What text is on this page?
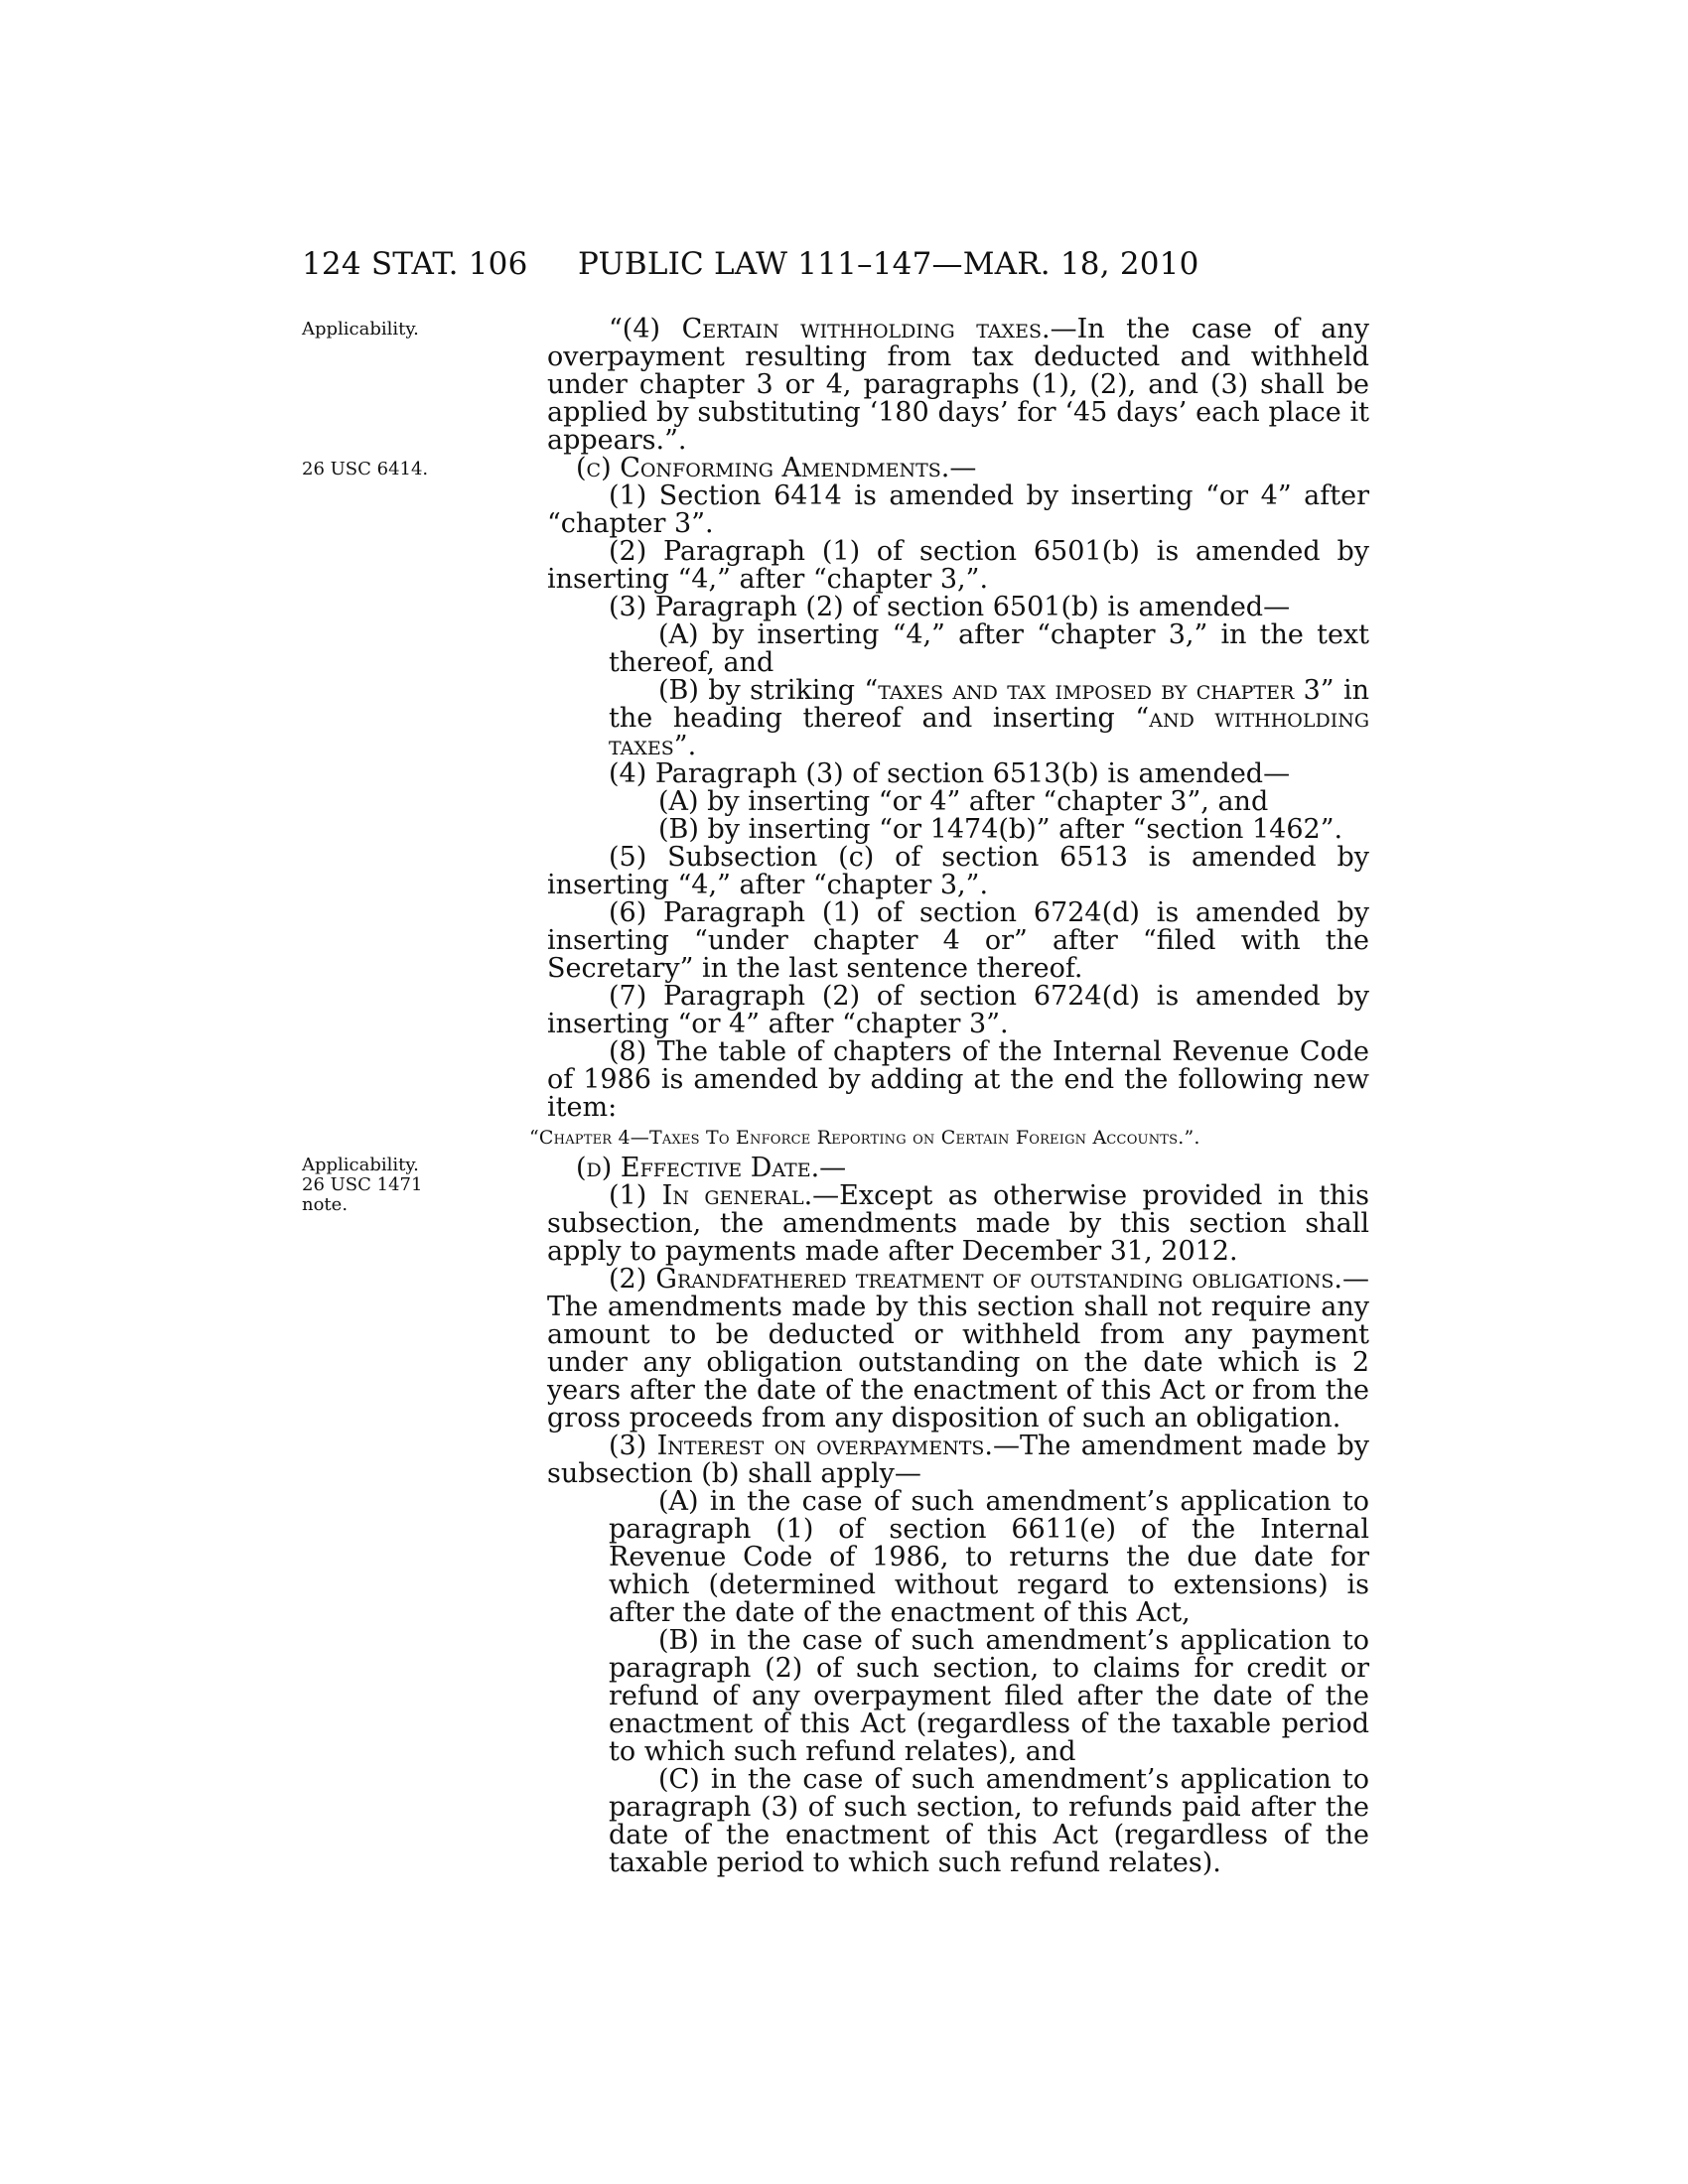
124 STAT. 106 PUBLIC LAW 111–147—MAR. 18, 2010
Applicability.
26 USC 6414.
Applicability.
26 USC 1471
note.

“(4) Certain withholding taxes.—In the case of any overpayment resulting from tax deducted and withheld under chapter 3 or 4, paragraphs (1), (2), and (3) shall be applied by substituting ‘180 days’ for ‘45 days’ each place it appears.”.

(c) Conforming Amendments.—

(1) Section 6414 is amended by inserting “or 4” after “chapter 3”.

(2) Paragraph (1) of section 6501(b) is amended by inserting “4,” after “chapter 3,”.

(3) Paragraph (2) of section 6501(b) is amended—

(A) by inserting “4,” after “chapter 3,” in the text thereof, and

(B) by striking “taxes and tax imposed by chapter 3” in the heading thereof and inserting “and withholding taxes”.

(4) Paragraph (3) of section 6513(b) is amended—

(A) by inserting “or 4” after “chapter 3”, and

(B) by inserting “or 1474(b)” after “section 1462”.

(5) Subsection (c) of section 6513 is amended by inserting “4,” after “chapter 3,”.

(6) Paragraph (1) of section 6724(d) is amended by inserting “under chapter 4 or” after “filed with the Secretary” in the last sentence thereof.

(7) Paragraph (2) of section 6724(d) is amended by inserting “or 4” after “chapter 3”.

(8) The table of chapters of the Internal Revenue Code of 1986 is amended by adding at the end the following new item:

“Chapter 4—Taxes To Enforce Reporting on Certain Foreign Accounts.”.

(d) Effective Date.—

(1) In general.—Except as otherwise provided in this subsection, the amendments made by this section shall apply to payments made after December 31, 2012.

(2) Grandfathered treatment of outstanding obligations.—The amendments made by this section shall not require any amount to be deducted or withheld from any payment under any obligation outstanding on the date which is 2 years after the date of the enactment of this Act or from the gross proceeds from any disposition of such an obligation.

(3) Interest on overpayments.—The amendment made by subsection (b) shall apply—

(A) in the case of such amendment’s application to paragraph (1) of section 6611(e) of the Internal Revenue Code of 1986, to returns the due date for which (determined without regard to extensions) is after the date of the enactment of this Act,

(B) in the case of such amendment’s application to paragraph (2) of such section, to claims for credit or refund of any overpayment filed after the date of the enactment of this Act (regardless of the taxable period to which such refund relates), and

(C) in the case of such amendment’s application to paragraph (3) of such section, to refunds paid after the date of the enactment of this Act (regardless of the taxable period to which such refund relates).
